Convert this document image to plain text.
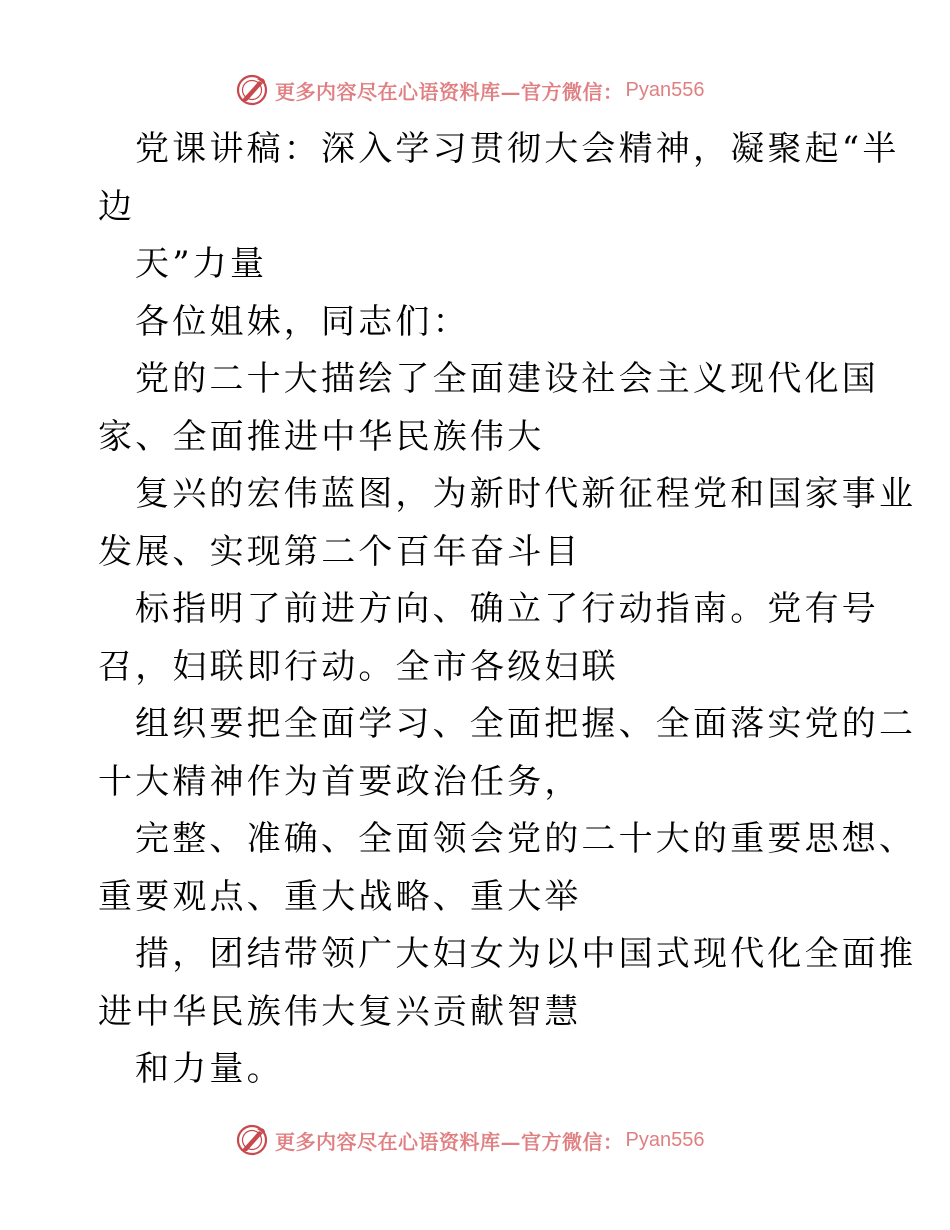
更多内容尽在心语资料库—官方微信： Pyan556
党课讲稿：深入学习贯彻大会精神，凝聚起“半
边
天”力量
各位姐妹，同志们：
党的二十大描绘了全面建设社会主义现代化国
家、全面推进中华民族伟大
复兴的宏伟蓝图，为新时代新征程党和国家事业
发展、实现第二个百年奋斗目
标指明了前进方向、确立了行动指南。党有号
召，妇联即行动。全市各级妇联
组织要把全面学习、全面把握、全面落实党的二
十大精神作为首要政治任务，
完整、准确、全面领会党的二十大的重要思想、
重要观点、重大战略、重大举
措，团结带领广大妇女为以中国式现代化全面推
进中华民族伟大复兴贡献智慧
和力量。
更多内容尽在心语资料库—官方微信： Pyan556
